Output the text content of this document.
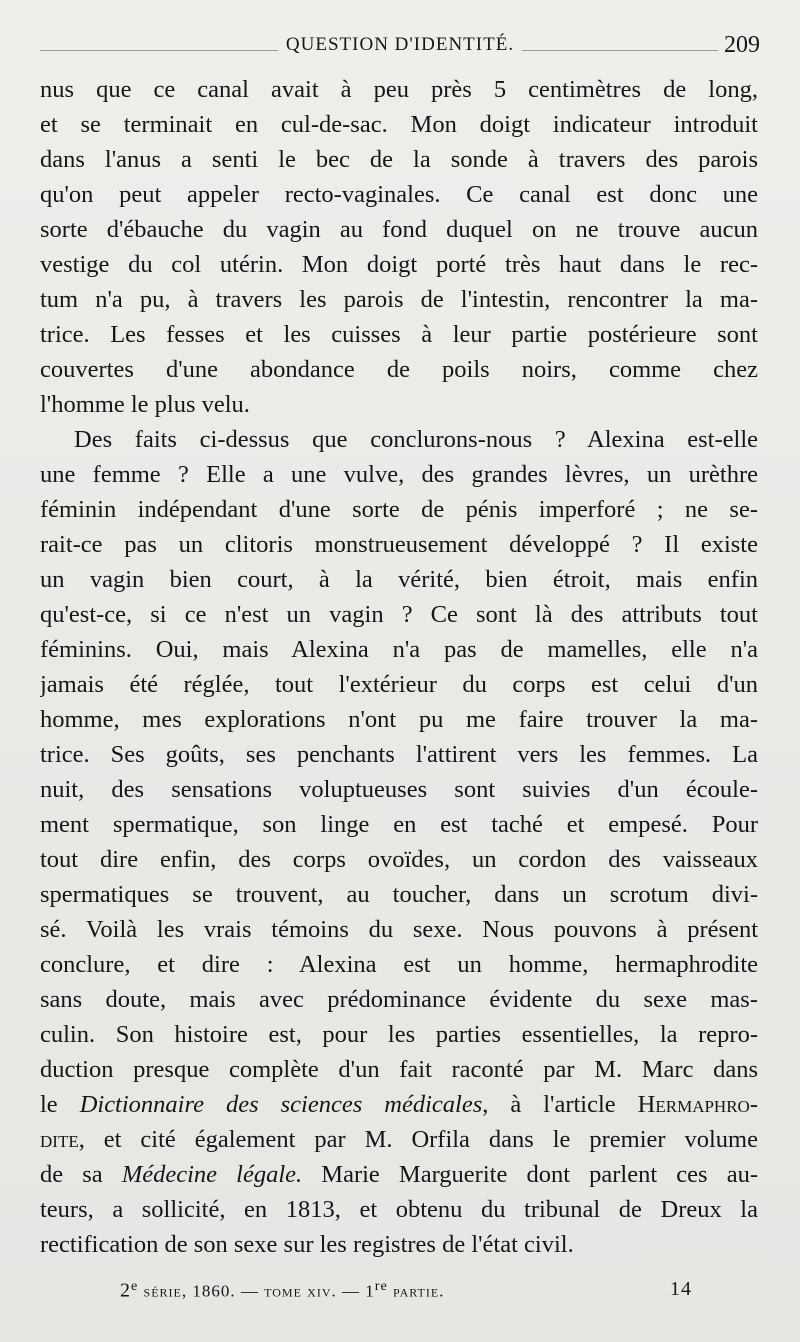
QUESTION D'IDENTITÉ.	209

nus que ce canal avait à peu près 5 centimètres de long,
et se terminait en cul-de-sac. Mon doigt indicateur introduit
dans l'anus a senti le bec de la sonde à travers des parois
qu'on peut appeler recto-vaginales. Ce canal est donc une
sorte d'ébauche du vagin au fond duquel on ne trouve aucun
vestige du col utérin. Mon doigt porté très haut dans le rec-
tum n'a pu, à travers les parois de l'intestin, rencontrer la ma-
trice. Les fesses et les cuisses à leur partie postérieure sont
couvertes d'une abondance de poils noirs, comme chez
l'homme le plus velu.

Des faits ci-dessus que conclurons-nous ? Alexina est-elle
une femme ? Elle a une vulve, des grandes lèvres, un urèthre
féminin indépendant d'une sorte de pénis imperforé ; ne se-
rait-ce pas un clitoris monstrueusement développé ? Il existe
un vagin bien court, à la vérité, bien étroit, mais enfin
qu'est-ce, si ce n'est un vagin ? Ce sont là des attributs tout
féminins. Oui, mais Alexina n'a pas de mamelles, elle n'a
jamais été réglée, tout l'extérieur du corps est celui d'un
homme, mes explorations n'ont pu me faire trouver la ma-
trice. Ses goûts, ses penchants l'attirent vers les femmes. La
nuit, des sensations voluptueuses sont suivies d'un écoule-
ment spermatique, son linge en est taché et empesé. Pour
tout dire enfin, des corps ovoïdes, un cordon des vaisseaux
spermatiques se trouvent, au toucher, dans un scrotum divi-
sé. Voilà les vrais témoins du sexe. Nous pouvons à présent
conclure, et dire : Alexina est un homme, hermaphrodite
sans doute, mais avec prédominance évidente du sexe mas-
culin. Son histoire est, pour les parties essentielles, la repro-
duction presque complète d'un fait raconté par M. Marc dans
le Dictionnaire des sciences médicales, à l'article Hermaphro-
dite, et cité également par M. Orfila dans le premier volume
de sa Médecine légale. Marie Marguerite dont parlent ces au-
teurs, a sollicité, en 1813, et obtenu du tribunal de Dreux la
rectification de son sexe sur les registres de l'état civil.

2e série, 1860. — tome xiv. — 1re partie.	14
